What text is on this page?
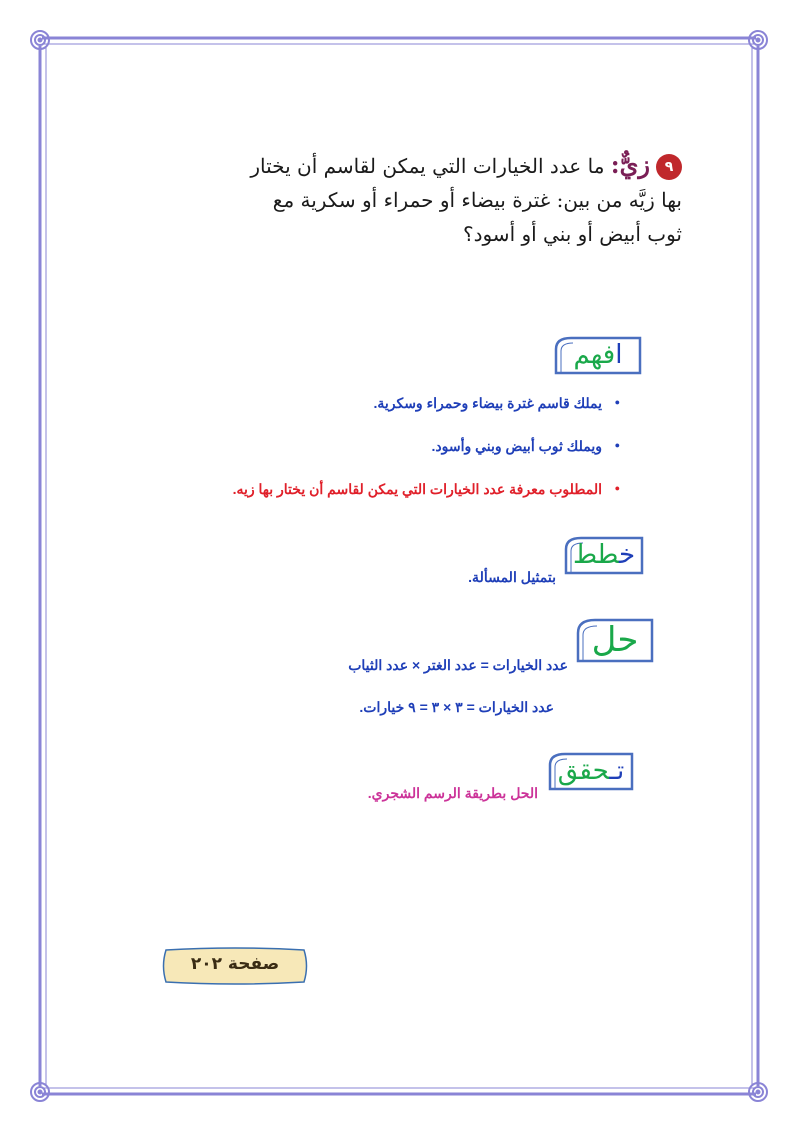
٩زيٌّ: ما عدد الخيارات التي يمكن لقاسم أن يختار
بها زيَّه من بين: غترة بيضاء أو حمراء أو سكرية مع
ثوب أبيض أو بني أو أسود؟
افهم
● يملك قاسم غترة بيضاء وحمراء وسكرية.
● ويملك ثوب أبيض وبني وأسود.
● المطلوب معرفة عدد الخيارات التي يمكن لقاسم أن يختار بها زيه.
خطط
بتمثيل المسألة.
حل
عدد الخيارات = عدد الغتر × عدد الثياب
عدد الخيارات = ٣ × ٣ = ٩ خيارات.
تـحقق
الحل بطريقة الرسم الشجري.
صفحة ٢٠٢
